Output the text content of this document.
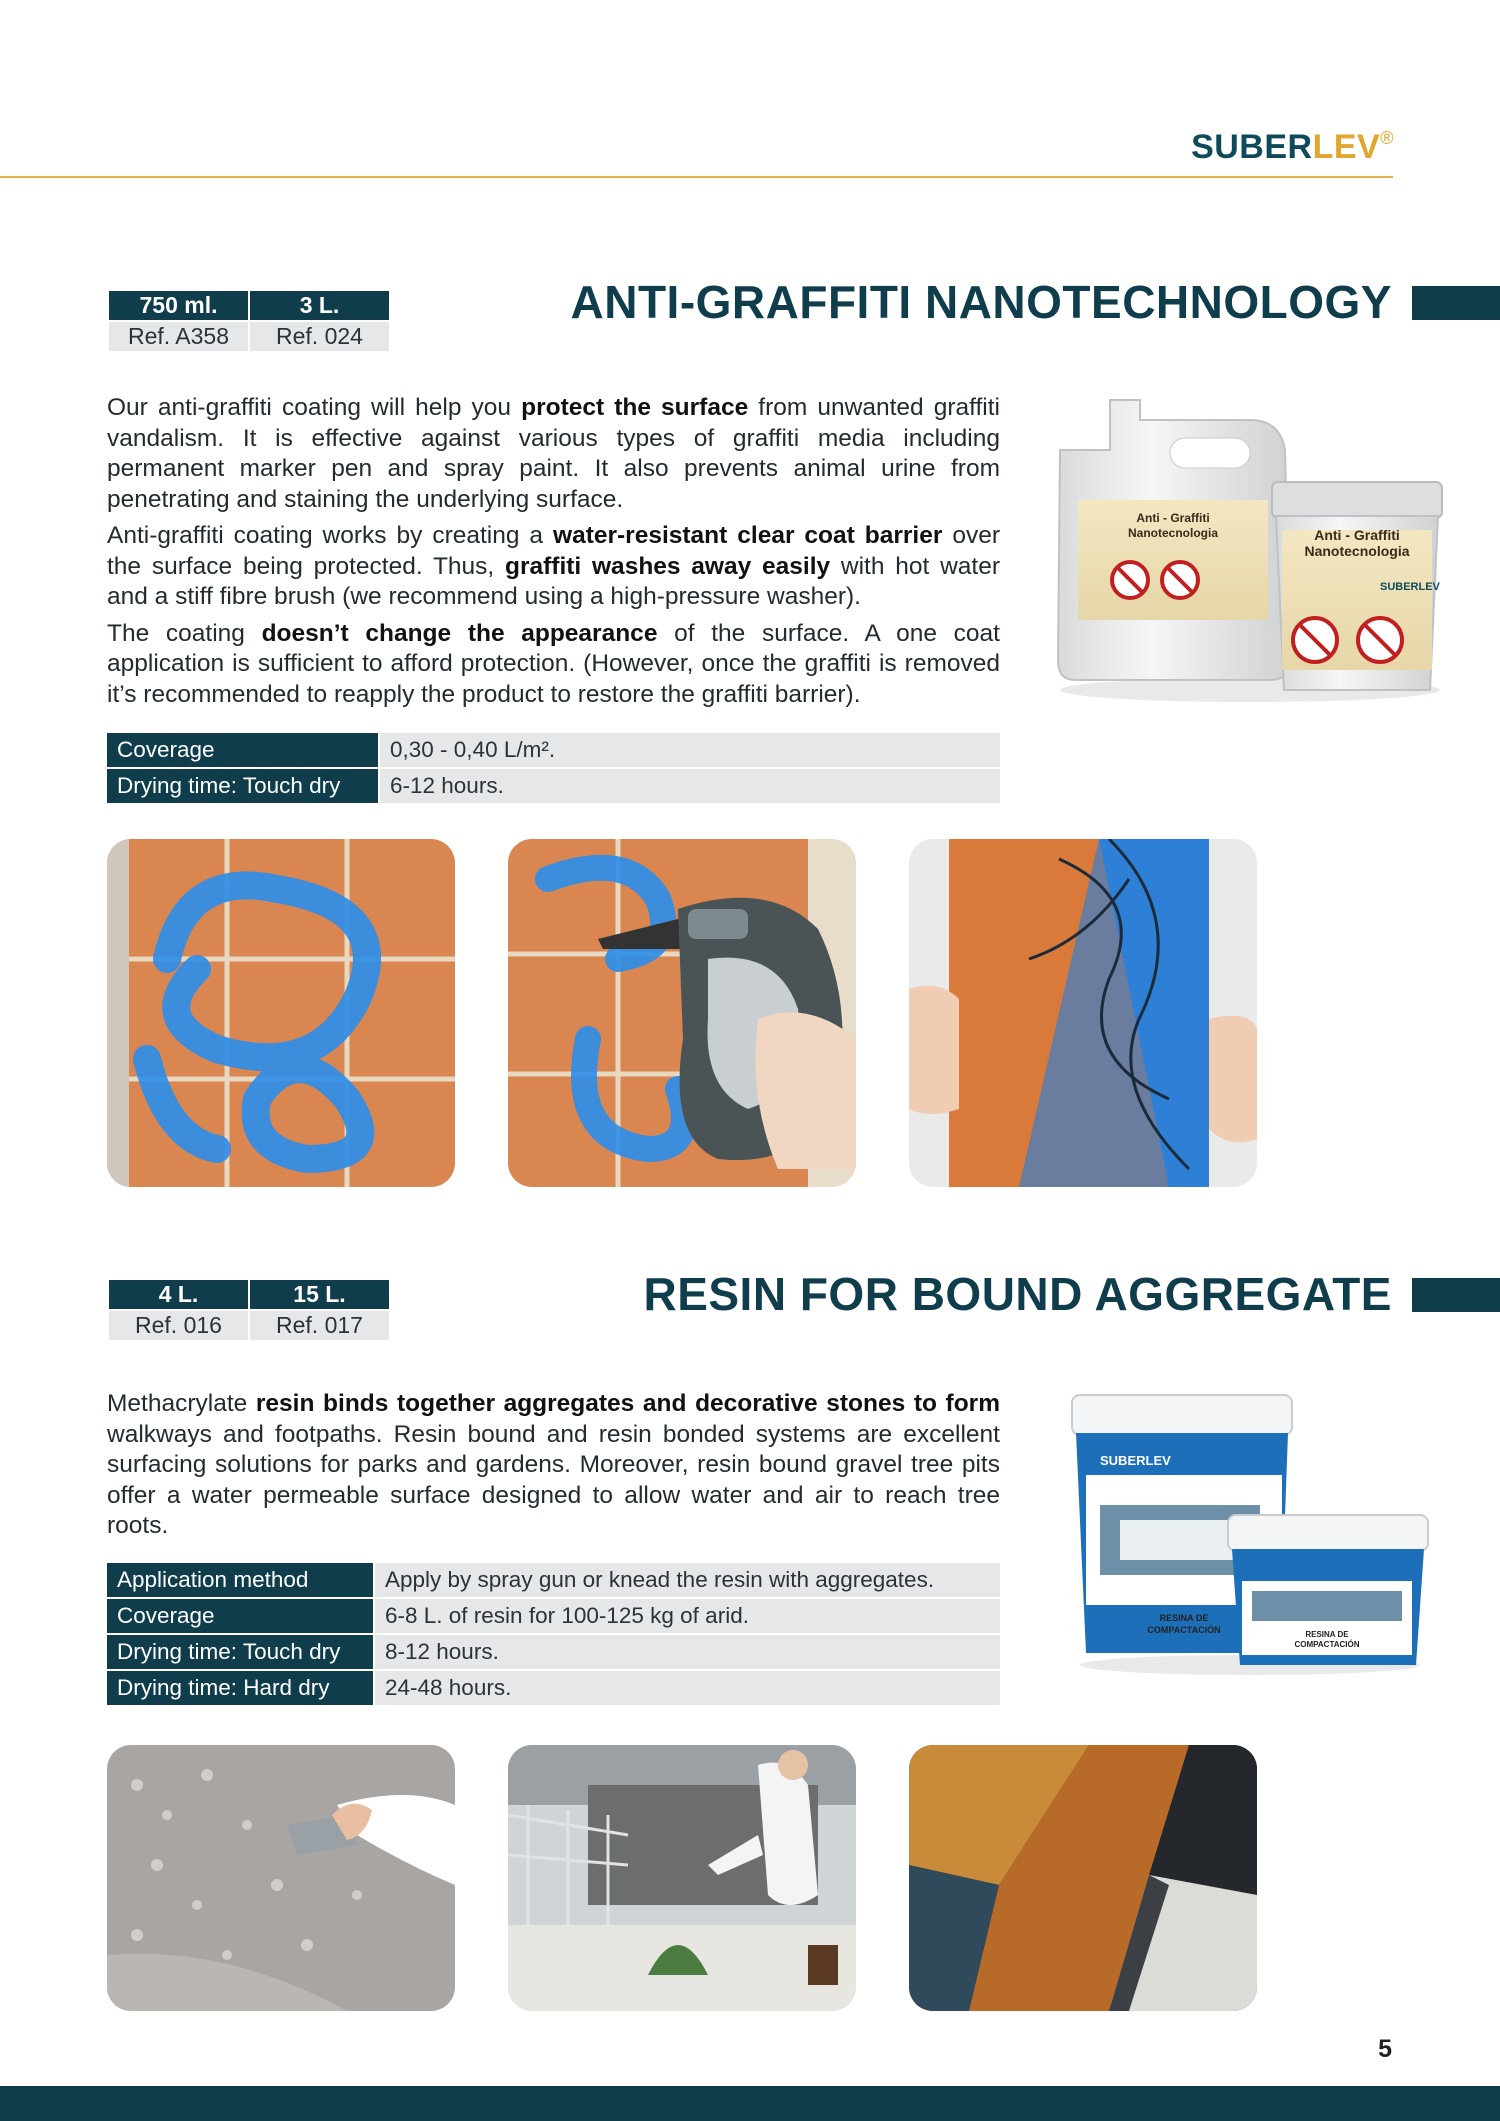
SUBERLEV®
750 ml.	3 L.
Ref. A358	Ref. 024
ANTI-GRAFFITI NANOTECHNOLOGY

Our anti-graffiti coating will help you protect the surface from unwanted graffiti vandalism. It is effective against various types of graffiti media including permanent marker pen and spray paint. It also prevents animal urine from penetrating and staining the underlying surface.

Anti-graffiti coating works by creating a water-resistant clear coat barrier over the surface being protected. Thus, graffiti washes away easily with hot water and a stiff fibre brush (we recommend using a high-pressure washer).

The coating doesn’t change the appearance of the surface. A one coat application is sufficient to afford protection. (However, once the graffiti is removed it’s recommended to reapply the product to restore the graffiti barrier).

Anti - Graffiti
Nanotecnologia	Anti - Graffiti
Nanotecnologia
SUBERLEV
Coverage	0,30 - 0,40 L/m².
Drying time: Touch dry	6-12 hours.
4 L.	15 L.
Ref. 016	Ref. 017
RESIN FOR BOUND AGGREGATE

Methacrylate resin binds together aggregates and decorative stones to form walkways and footpaths. Resin bound and resin bonded systems are excellent surfacing solutions for parks and gardens. Moreover, resin bound gravel tree pits offer a water permeable surface designed to allow water and air to reach tree roots.

SUBERLEV
RESINA DE
COMPACTACIÓN
RESINA DE
COMPACTACIÓN
Application method	Apply by spray gun or knead the resin with aggregates.
Coverage	6-8 L. of resin for 100-125 kg of arid.
Drying time: Touch dry	8-12 hours.
Drying time: Hard dry	24-48 hours.
5
